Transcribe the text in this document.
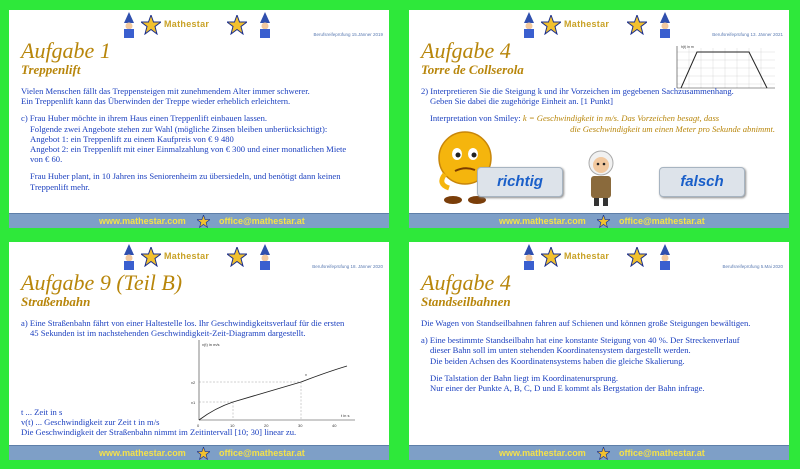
Mathestar
Berufsreifeprüfung 15.Jänner 2019
Aufgabe 1
Treppenlift

Vielen Menschen fällt das Treppensteigen mit zunehmendem Alter immer schwerer.

Ein Treppenlift kann das Überwinden der Treppe wieder erheblich erleichtern.

c) Frau Huber möchte in ihrem Haus einen Treppenlift einbauen lassen.

Folgende zwei Angebote stehen zur Wahl (mögliche Zinsen bleiben unberücksichtigt):

Angebot 1: ein Treppenlift zu einem Kaufpreis von € 9 480

Angebot 2: ein Treppenlift mit einer Einmalzahlung von € 300 und einer monatlichen Miete

von € 60.

Frau Huber plant, in 10 Jahren ins Seniorenheim zu übersiedeln, und benötigt dann keinen

Treppenlift mehr.

www.mathestar.com	office@mathestar.at
Mathestar
Berufsreifeprüfung 13. Jänner 2021
h(t) in m
Aufgabe 4
Torre de Collserola

2) Interpretieren Sie die Steigung k und ihr Vorzeichen im gegebenen Sachzusammenhang.

Geben Sie dabei die zugehörige Einheit an. [1 Punkt]

Interpretation von Smiley: k = Geschwindigkeit in m/s. Das Vorzeichen besagt, dass

die Geschwindigkeit um einen Meter pro Sekunde abnimmt.

richtig	falsch
www.mathestar.com	office@mathestar.at
Mathestar
Berufsreifeprüfung 18. Jänner 2020
Aufgabe 9 (Teil B)
Straßenbahn

a) Eine Straßenbahn fährt von einer Haltestelle los. Ihr Geschwindigkeitsverlauf für die ersten

45 Sekunden ist im nachstehenden Geschwindigkeit-Zeit-Diagramm dargestellt.

v(t) in m/s
t in s
v
v2
v1
0	10	20	30	40

t ... Zeit in s

v(t) ... Geschwindigkeit zur Zeit t in m/s

Die Geschwindigkeit der Straßenbahn nimmt im Zeitintervall [10; 30] linear zu.

www.mathestar.com	office@mathestar.at
Mathestar
Berufsreifeprüfung 5.Mai 2020
Aufgabe 4
Standseilbahnen

Die Wagen von Standseilbahnen fahren auf Schienen und können große Steigungen bewältigen.

a) Eine bestimmte Standseilbahn hat eine konstante Steigung von 40 %. Der Streckenverlauf

dieser Bahn soll im unten stehenden Koordinatensystem dargestellt werden.

Die beiden Achsen des Koordinatensystems haben die gleiche Skalierung.

Die Talstation der Bahn liegt im Koordinatenursprung.

Nur einer der Punkte A, B, C, D und E kommt als Bergstation der Bahn infrage.

www.mathestar.com	office@mathestar.at
